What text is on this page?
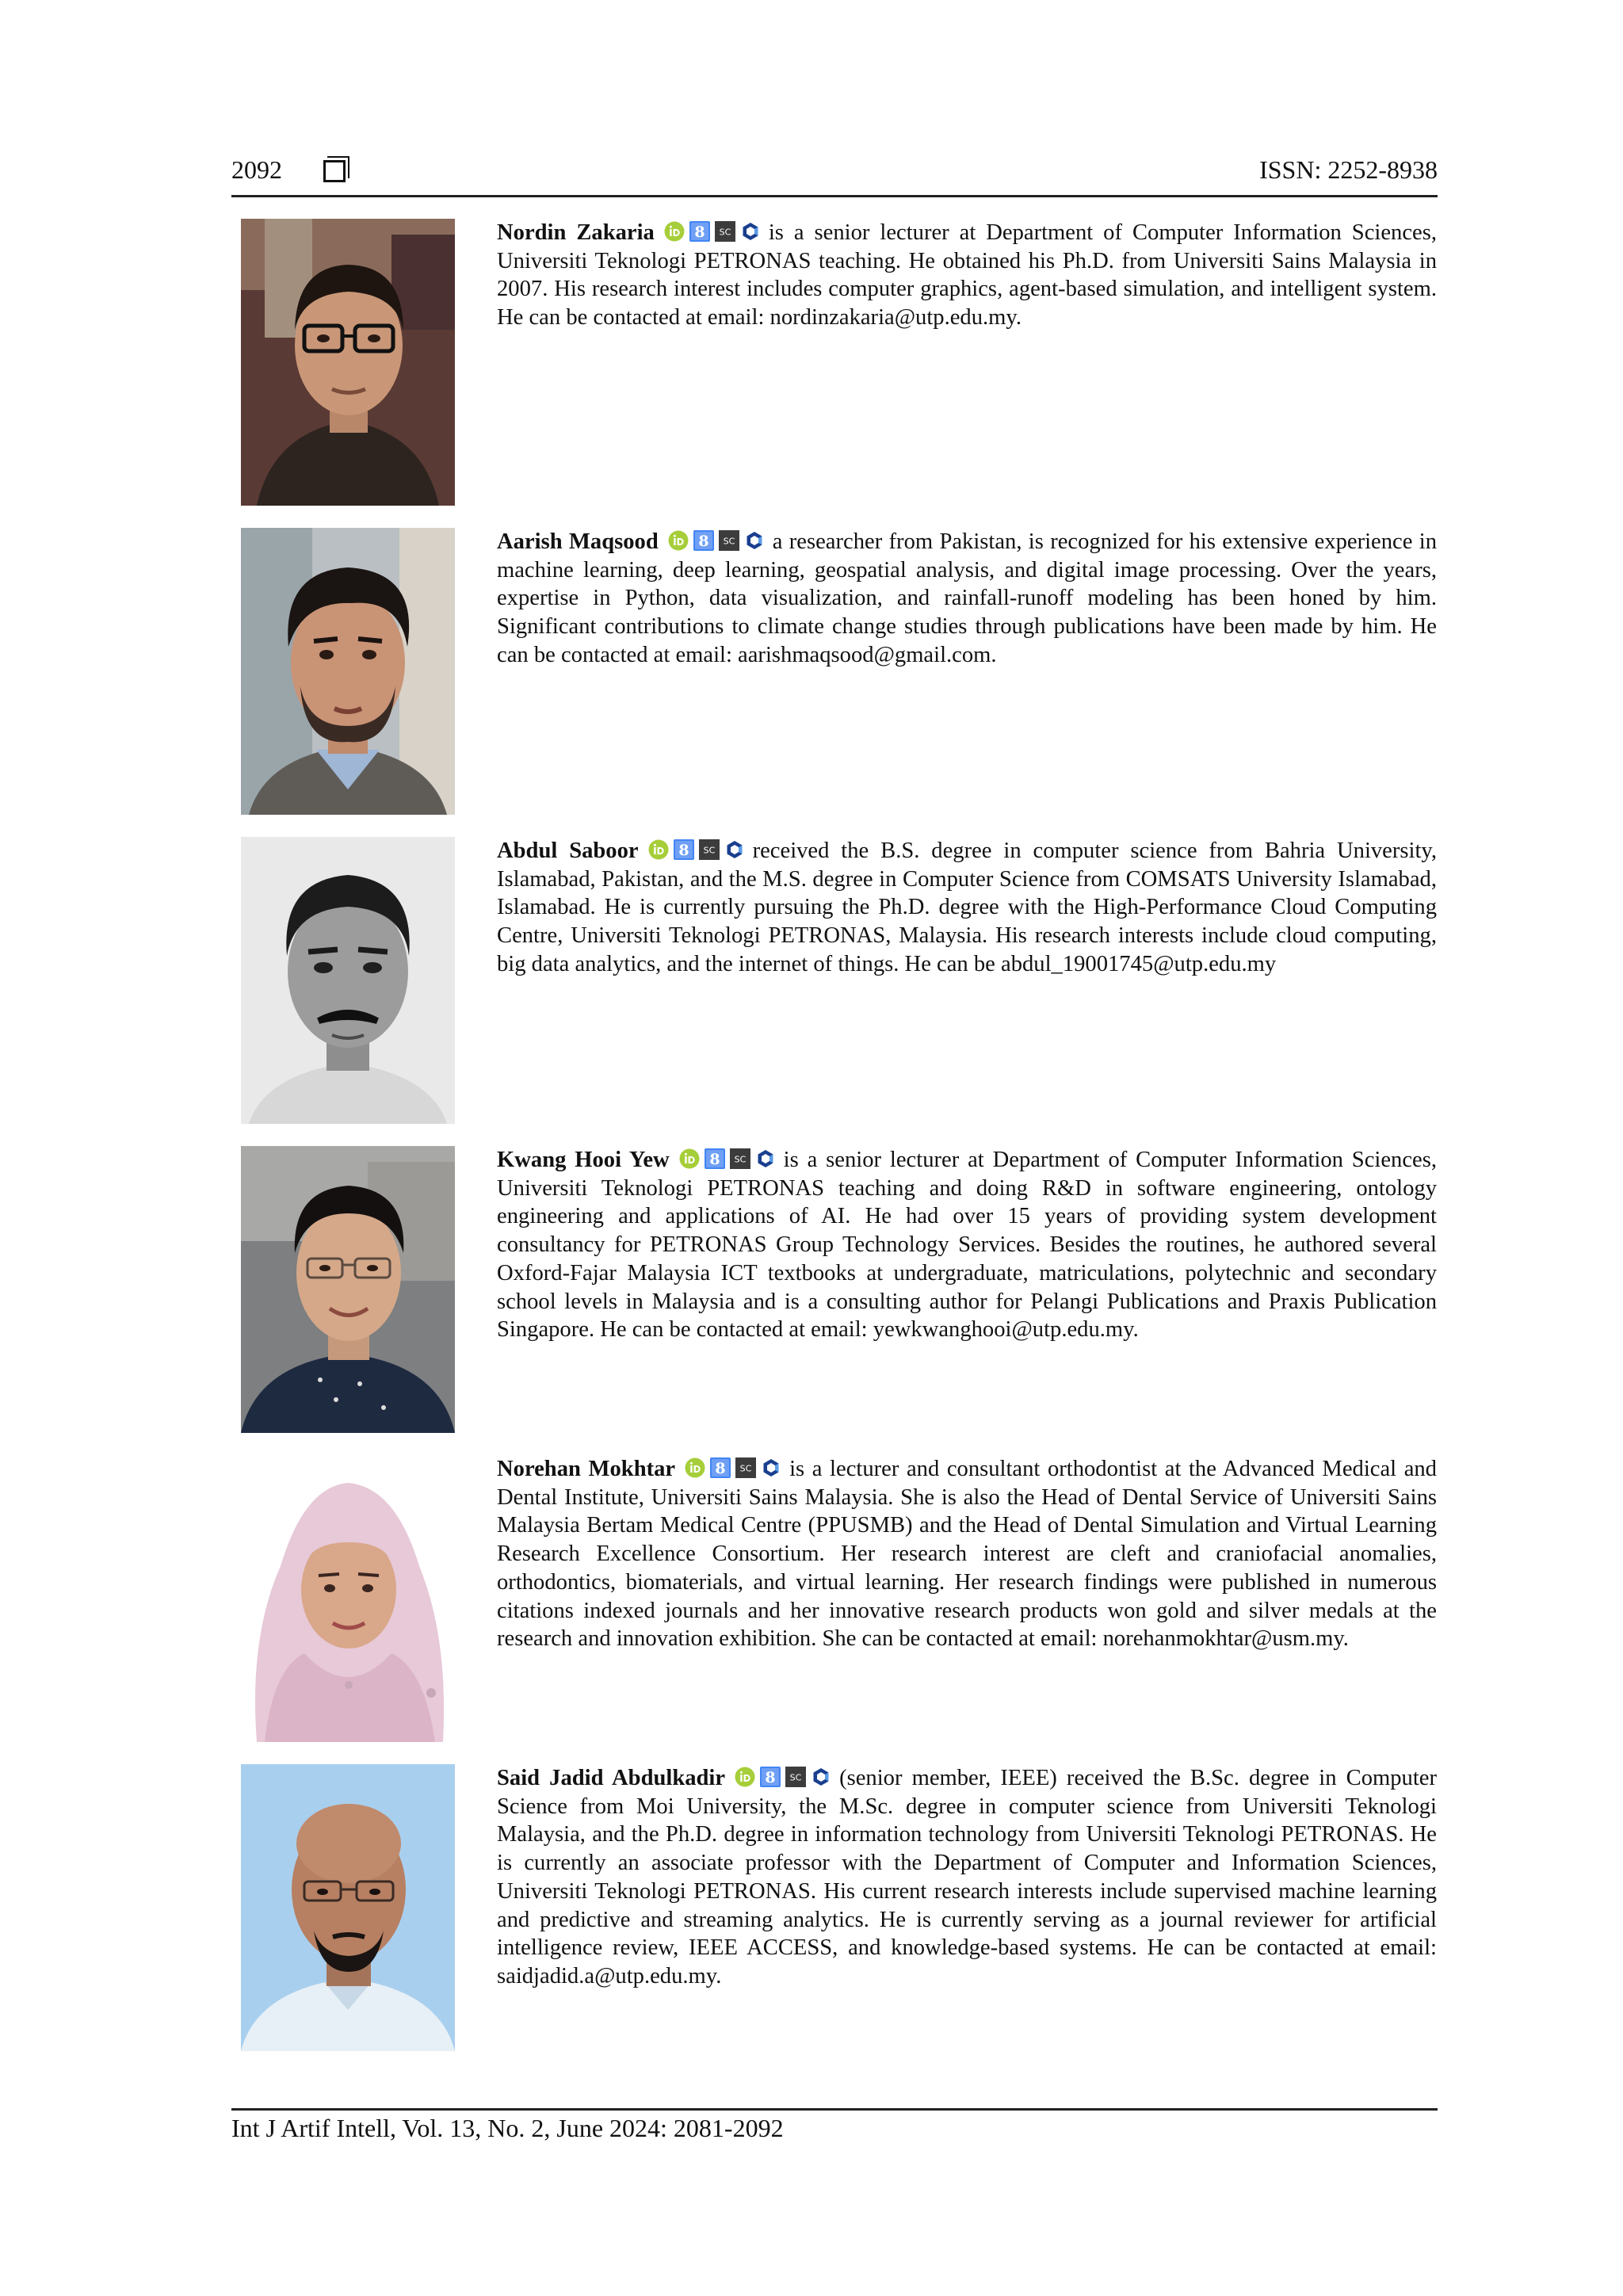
2092	ISSN: 2252-8938
Nordin Zakaria	is a senior lecturer at Department of Computer Information Sciences, Universiti Teknologi PETRONAS teaching. He obtained his Ph.D. from Universiti Sains Malaysia in 2007. His research interest includes computer graphics, agent-based simulation, and intelligent system. He can be contacted at email: nordinzakaria@utp.edu.my.
Aarish Maqsood	a researcher from Pakistan, is recognized for his extensive experience in machine learning, deep learning, geospatial analysis, and digital image processing. Over the years, expertise in Python, data visualization, and rainfall-runoff modeling has been honed by him. Significant contributions to climate change studies through publications have been made by him. He can be contacted at email: aarishmaqsood@gmail.com.
Abdul Saboor	received the B.S. degree in computer science from Bahria University, Islamabad, Pakistan, and the M.S. degree in Computer Science from COMSATS University Islamabad, Islamabad. He is currently pursuing the Ph.D. degree with the High-Performance Cloud Computing Centre, Universiti Teknologi PETRONAS, Malaysia. His research interests include cloud computing, big data analytics, and the internet of things. He can be abdul_19001745@utp.edu.my
Kwang Hooi Yew	is a senior lecturer at Department of Computer Information Sciences, Universiti Teknologi PETRONAS teaching and doing R&D in software engineering, ontology engineering and applications of AI. He had over 15 years of providing system development consultancy for PETRONAS Group Technology Services. Besides the routines, he authored several Oxford-Fajar Malaysia ICT textbooks at undergraduate, matriculations, polytechnic and secondary school levels in Malaysia and is a consulting author for Pelangi Publications and Praxis Publication Singapore. He can be contacted at email: yewkwanghooi@utp.edu.my.
Norehan Mokhtar	is a lecturer and consultant orthodontist at the Advanced Medical and Dental Institute, Universiti Sains Malaysia. She is also the Head of Dental Service of Universiti Sains Malaysia Bertam Medical Centre (PPUSMB) and the Head of Dental Simulation and Virtual Learning Research Excellence Consortium. Her research interest are cleft and craniofacial anomalies, orthodontics, biomaterials, and virtual learning. Her research findings were published in numerous citations indexed journals and her innovative research products won gold and silver medals at the research and innovation exhibition. She can be contacted at email: norehanmokhtar@usm.my.
Said Jadid Abdulkadir	(senior member, IEEE) received the B.Sc. degree in Computer Science from Moi University, the M.Sc. degree in computer science from Universiti Teknologi Malaysia, and the Ph.D. degree in information technology from Universiti Teknologi PETRONAS. He is currently an associate professor with the Department of Computer and Information Sciences, Universiti Teknologi PETRONAS. His current research interests include supervised machine learning and predictive and streaming analytics. He is currently serving as a journal reviewer for artificial intelligence review, IEEE ACCESS, and knowledge-based systems. He can be contacted at email: saidjadid.a@utp.edu.my.
Int J Artif Intell, Vol. 13, No. 2, June 2024: 2081-2092
